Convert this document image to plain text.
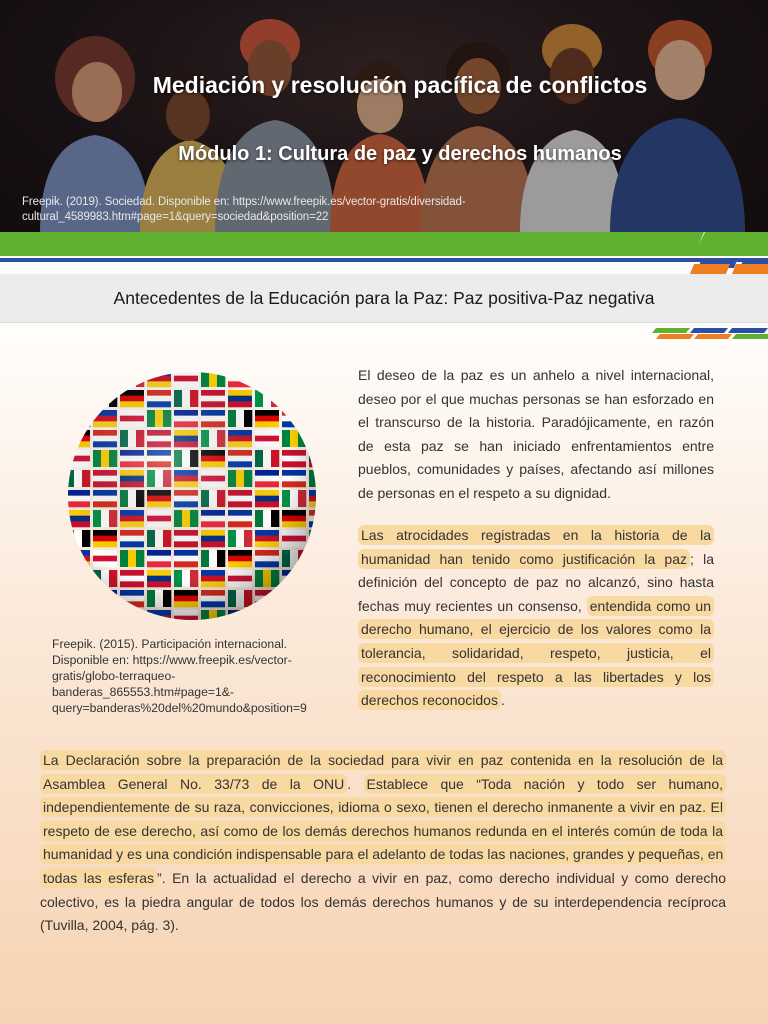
Mediación y resolución pacífica de conflictos
Módulo 1: Cultura de paz y derechos humanos
Freepik. (2019). Sociedad. Disponible en: https://www.freepik.es/vector-gratis/diversidad-cultural_4589983.htm#page=1&query=sociedad&position=22
Antecedentes de la Educación para la Paz: Paz positiva-Paz negativa
Freepik. (2015). Participación internacional. Disponible en: https://www.freepik.es/vector-gratis/globo-terraqueo-banderas_865553.htm#page=1&-query=banderas%20del%20mundo&position=9

El deseo de la paz es un anhelo a nivel internacional, deseo por el que muchas personas se han esforzado en el transcurso de la historia. Paradójicamente, en razón de esta paz se han iniciado enfrentamientos entre pueblos, comunidades y países, afectando así millones de personas en el respeto a su dignidad.

Las atrocidades registradas en la historia de la humanidad han tenido como justificación la paz ; la definición del concepto de paz no alcanzó, sino hasta fechas muy recientes un consenso, entendida como un derecho humano, el ejercicio de los valores como la tolerancia, solidaridad, respeto, justicia, el reconocimiento del respeto a las libertades y los derechos reconocidos .

La Declaración sobre la preparación de la sociedad para vivir en paz contenida en la resolución de la Asamblea General No. 33/73 de la ONU . Establece que “Toda nación y todo ser humano, independientemente de su raza, convicciones, idioma o sexo, tienen el derecho inmanente a vivir en paz. El respeto de ese derecho, así como de los demás derechos humanos redunda en el interés común de toda la humanidad y es una condición indispensable para el adelanto de todas las naciones, grandes y pequeñas, en todas las esferas ”. En la actualidad el derecho a vivir en paz, como derecho individual y como derecho colectivo, es la piedra angular de todos los demás derechos humanos y de su interdependencia recíproca (Tuvilla, 2004, pág. 3).
